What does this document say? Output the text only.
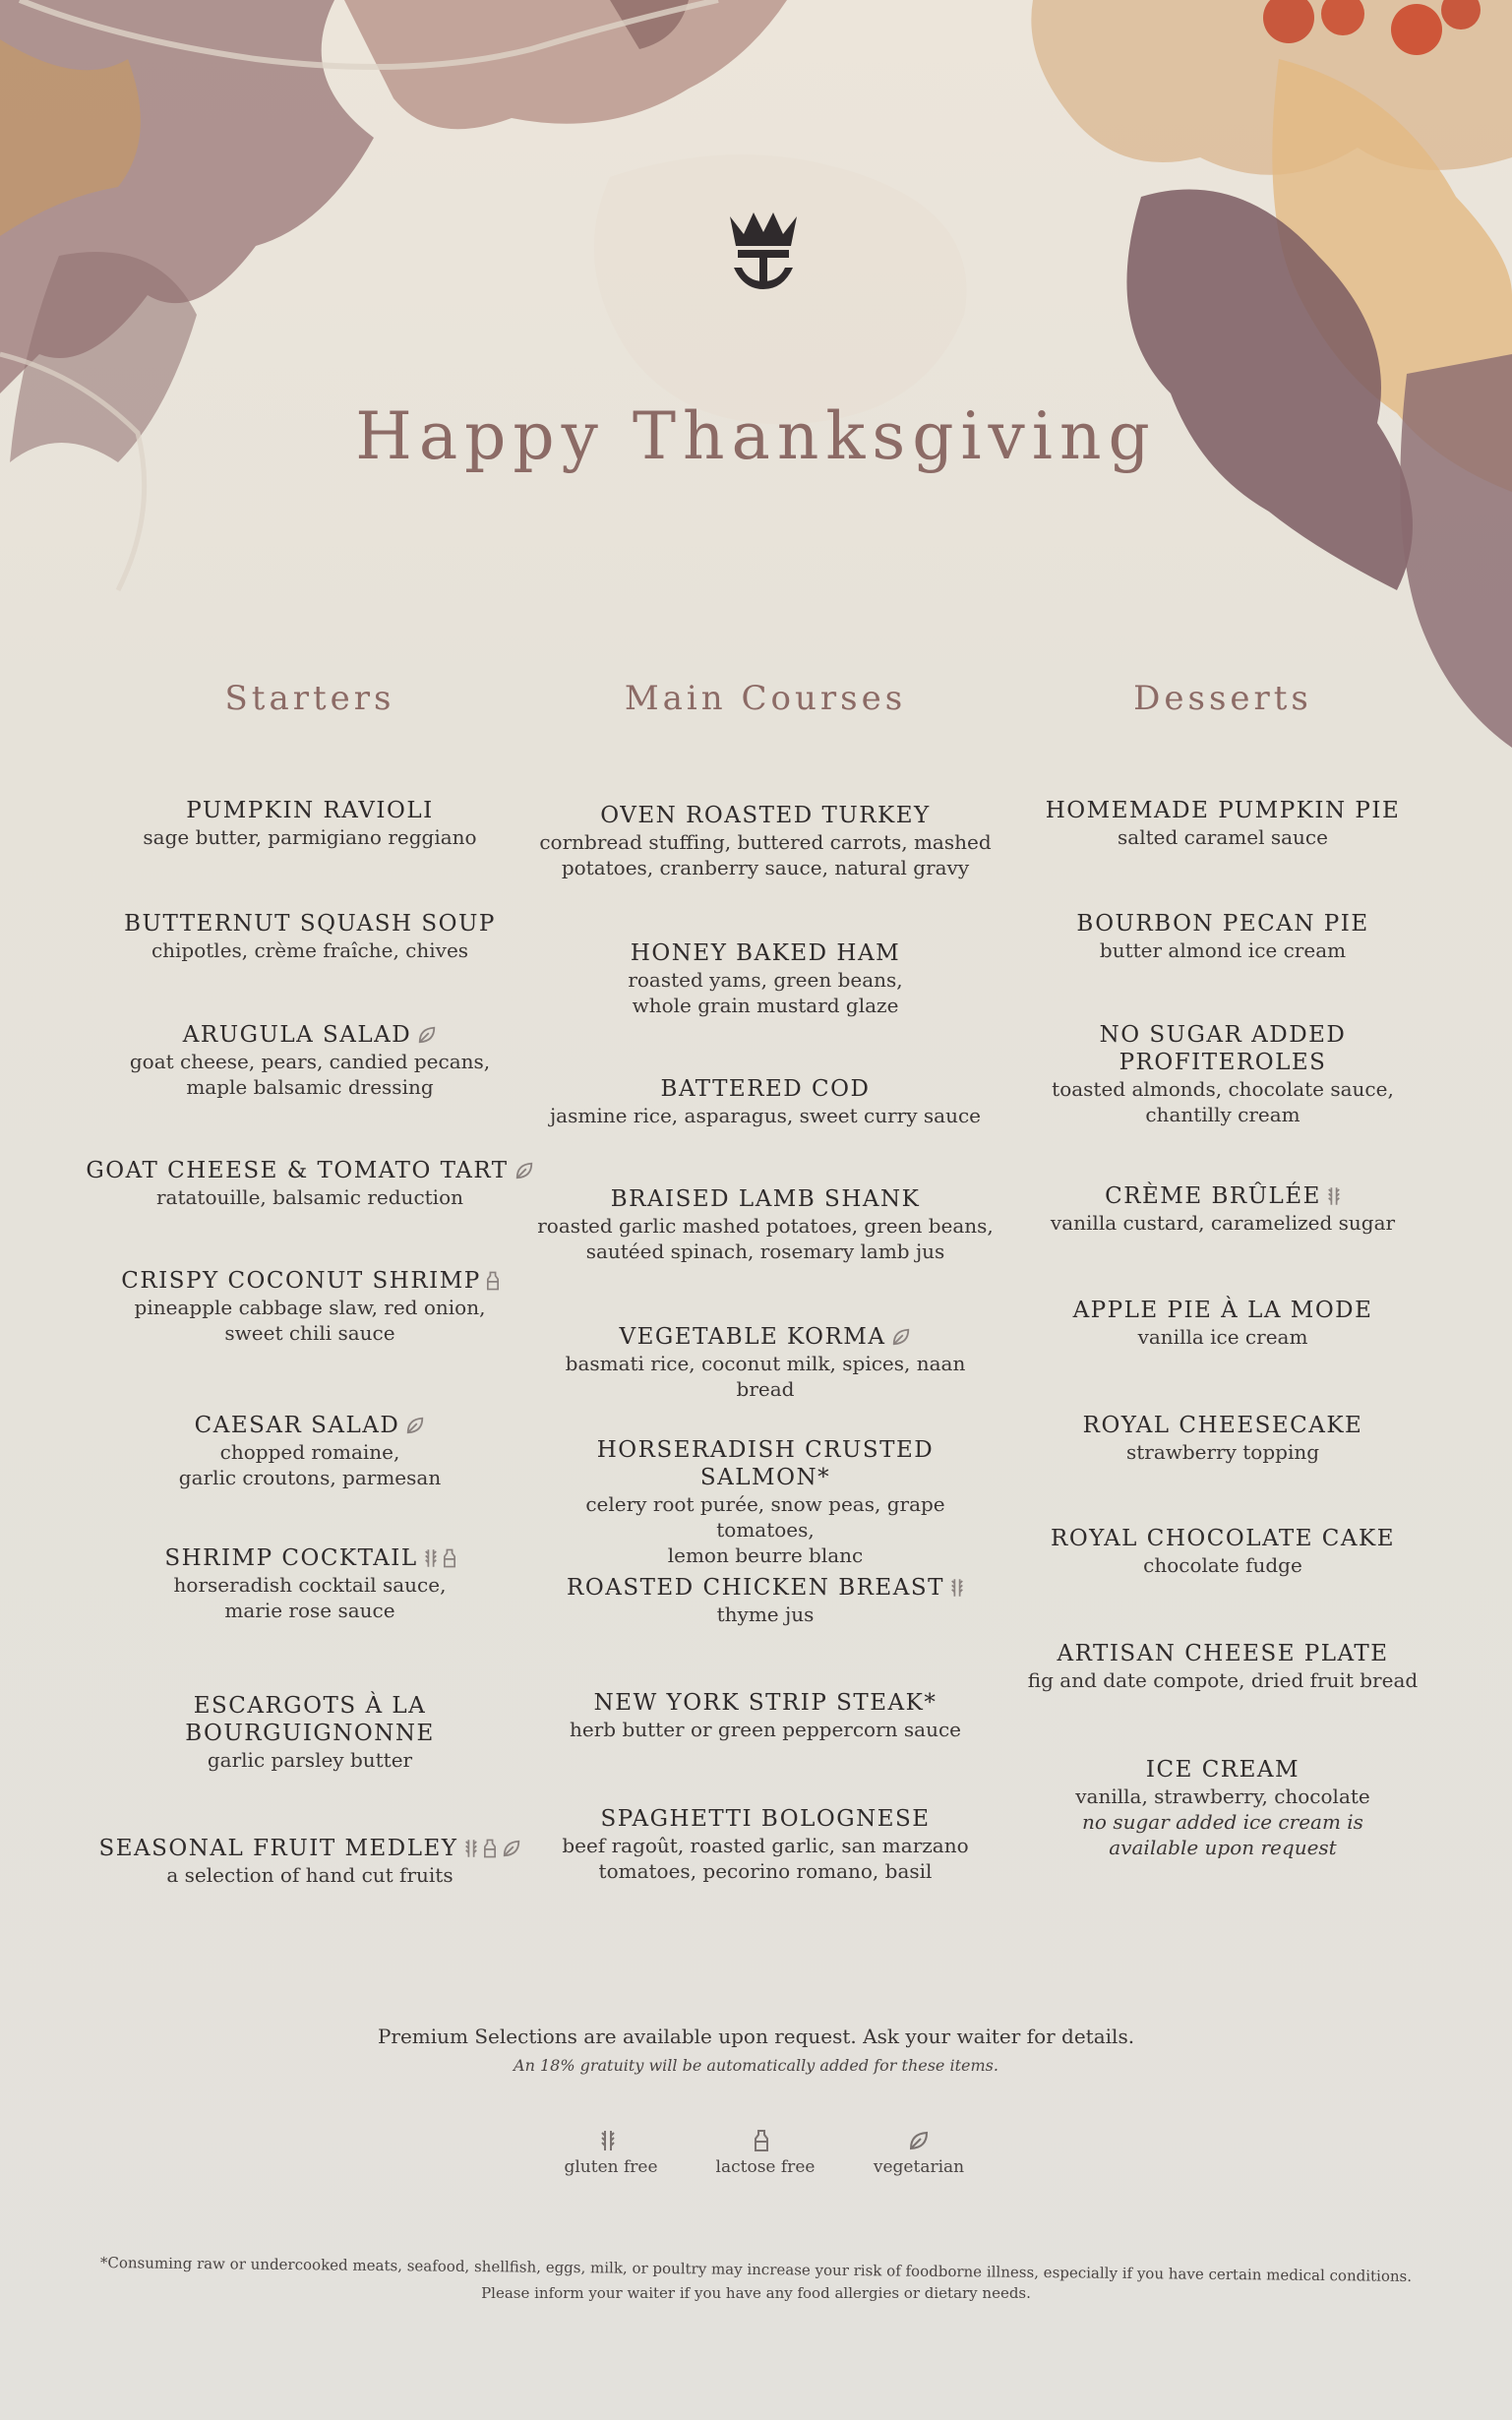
Happy Thanksgiving
Starters
PUMPKIN RAVIOLI
sage butter, parmigiano reggiano
BUTTERNUT SQUASH SOUP
chipotles, crème fraîche, chives
ARUGULA SALAD
goat cheese, pears, candied pecans,
maple balsamic dressing
GOAT CHEESE & TOMATO TART
ratatouille, balsamic reduction
CRISPY COCONUT SHRIMP
pineapple cabbage slaw, red onion,
sweet chili sauce
CAESAR SALAD
chopped romaine,
garlic croutons, parmesan
SHRIMP COCKTAIL
horseradish cocktail sauce,
marie rose sauce
ESCARGOTS À LA
BOURGUIGNONNE
garlic parsley butter
SEASONAL FRUIT MEDLEY
a selection of hand cut fruits
Main Courses
OVEN ROASTED TURKEY
cornbread stuffing, buttered carrots, mashed
potatoes, cranberry sauce, natural gravy
HONEY BAKED HAM
roasted yams, green beans,
whole grain mustard glaze
BATTERED COD
jasmine rice, asparagus, sweet curry sauce
BRAISED LAMB SHANK
roasted garlic mashed potatoes, green beans,
sautéed spinach, rosemary lamb jus
VEGETABLE KORMA
basmati rice, coconut milk, spices, naan bread
HORSERADISH CRUSTED SALMON*
celery root purée, snow peas, grape tomatoes,
lemon beurre blanc
ROASTED CHICKEN BREAST
thyme jus
NEW YORK STRIP STEAK*
herb butter or green peppercorn sauce
SPAGHETTI BOLOGNESE
beef ragoût, roasted garlic, san marzano
tomatoes, pecorino romano, basil
Desserts
HOMEMADE PUMPKIN PIE
salted caramel sauce
BOURBON PECAN PIE
butter almond ice cream
NO SUGAR ADDED
PROFITEROLES
toasted almonds, chocolate sauce,
chantilly cream
CRÈME BRÛLÉE
vanilla custard, caramelized sugar
APPLE PIE À LA MODE
vanilla ice cream
ROYAL CHEESECAKE
strawberry topping
ROYAL CHOCOLATE CAKE
chocolate fudge
ARTISAN CHEESE PLATE
fig and date compote, dried fruit bread
ICE CREAM
vanilla, strawberry, chocolate
no sugar added ice cream is
available upon request
Premium Selections are available upon request. Ask your waiter for details.
An 18% gratuity will be automatically added for these items.
gluten free	lactose free	vegetarian
*Consuming raw or undercooked meats, seafood, shellfish, eggs, milk, or poultry may increase your risk of foodborne illness, especially if you have certain medical conditions.
Please inform your waiter if you have any food allergies or dietary needs.
